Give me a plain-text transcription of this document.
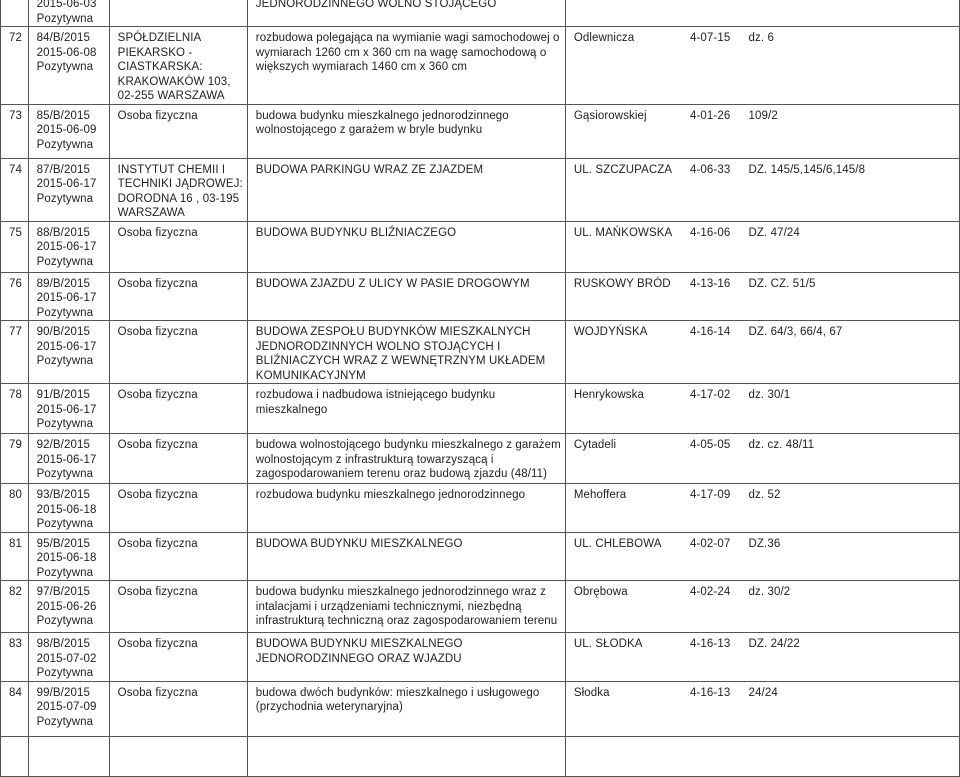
	2015-06-03
Pozytywna		JEDNORODZINNEGO WOLNO STOJĄCEGO			

72	84/B/2015
2015-06-08
Pozytywna	SPÓŁDZIELNIA
PIEKARSKO -
CIASTKARSKA:
KRAKOWAKÓW 103,
02-255 WARSZAWA	rozbudowa polegająca na wymianie wagi samochodowej o
wymiarach 1260 cm x 360 cm na wagę samochodową o
większych wymiarach 1460 cm x 360 cm	Odlewnicza	4-07-15	dz. 6

73	85/B/2015
2015-06-09
Pozytywna	Osoba fizyczna	budowa budynku mieszkalnego jednorodzinnego
wolnostojącego z garażem w bryle budynku	Gąsiorowskiej	4-01-26	109/2

74	87/B/2015
2015-06-17
Pozytywna	INSTYTUT CHEMII I
TECHNIKI JĄDROWEJ:
DORODNA 16 , 03-195
WARSZAWA	BUDOWA PARKINGU WRAZ ZE ZJAZDEM	UL. SZCZUPACZA	4-06-33	DZ. 145/5,145/6,145/8

75	88/B/2015
2015-06-17
Pozytywna	Osoba fizyczna	BUDOWA BUDYNKU BLIŹNIACZEGO	UL. MAŃKOWSKA	4-16-06	DZ. 47/24

76	89/B/2015
2015-06-17
Pozytywna	Osoba fizyczna	BUDOWA ZJAZDU Z ULICY W PASIE DROGOWYM	RUSKOWY BRÓD	4-13-16	DZ. CZ. 51/5

77	90/B/2015
2015-06-17
Pozytywna	Osoba fizyczna	BUDOWA ZESPOŁU BUDYNKÓW MIESZKALNYCH
JEDNORODZINNYCH WOLNO STOJĄCYCH I
BLIŹNIACZYCH WRAZ Z WEWNĘTRZNYM UKŁADEM
KOMUNIKACYJNYM	WOJDYŃSKA	4-16-14	DZ. 64/3, 66/4, 67

78	91/B/2015
2015-06-17
Pozytywna	Osoba fizyczna	rozbudowa i nadbudowa istniejącego budynku
mieszkalnego	Henrykowska	4-17-02	dz. 30/1

79	92/B/2015
2015-06-17
Pozytywna	Osoba fizyczna	budowa wolnostojącego budynku mieszkalnego z garażem
wolnostojącym z infrastrukturą towarzyszącą i
zagospodarowaniem terenu oraz budową zjazdu (48/11)	Cytadeli	4-05-05	dz. cz. 48/11

80	93/B/2015
2015-06-18
Pozytywna	Osoba fizyczna	rozbudowa budynku mieszkalnego jednorodzinnego	Mehoffera	4-17-09	dz. 52

81	95/B/2015
2015-06-18
Pozytywna	Osoba fizyczna	BUDOWA BUDYNKU MIESZKALNEGO	UL. CHLEBOWA	4-02-07	DZ.36

82	97/B/2015
2015-06-26
Pozytywna	Osoba fizyczna	budowa budynku mieszkalnego jednorodzinnego wraz z
intalacjami i urządzeniami technicznymi, niezbędną
infrastrukturą techniczną oraz zagospodarowaniem terenu	Obrębowa	4-02-24	dz. 30/2

83	98/B/2015
2015-07-02
Pozytywna	Osoba fizyczna	BUDOWA BUDYNKU MIESZKALNEGO
JEDNORODZINNEGO ORAZ WJAZDU	UL. SŁODKA	4-16-13	DZ. 24/22

84	99/B/2015
2015-07-09
Pozytywna	Osoba fizyczna	budowa dwóch budynków: mieszkalnego i usługowego
(przychodnia weterynaryjna)	Słodka	4-16-13	24/24
